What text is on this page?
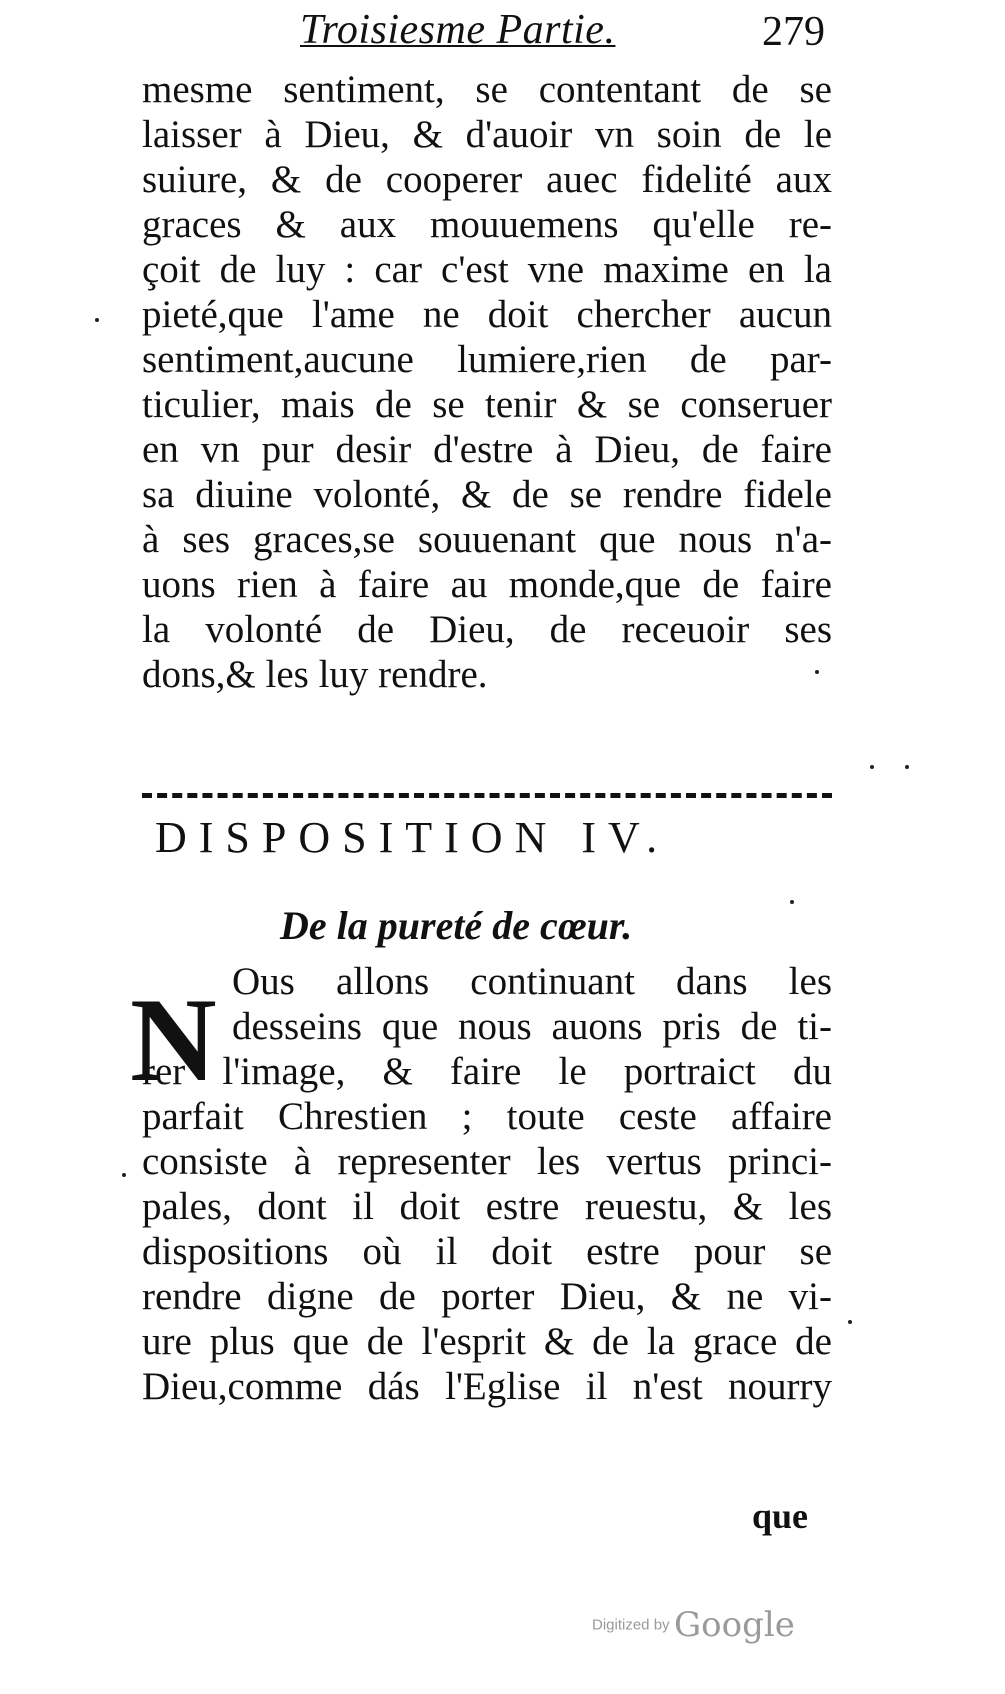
Troisiesme Partie.	279
mesme sentiment, se contentant de se
laisser à Dieu, & d'auoir vn soin de le
suiure, & de cooperer auec fidelité aux
graces & aux mouuemens qu'elle re-
çoit de luy : car c'est vne maxime en la
pieté,que l'ame ne doit chercher aucun
sentiment,aucune lumiere,rien de par-
ticulier, mais de se tenir & se conseruer
en vn pur desir d'estre à Dieu, de faire
sa diuine volonté, & de se rendre fidele
à ses graces,se souuenant que nous n'a-
uons rien à faire au monde,que de faire
la volonté de Dieu, de receuoir ses
dons,& les luy rendre.
DISPOSITION IV.
De la pureté de cœur.
N Ous allons continuant dans les
desseins que nous auons pris de ti-
rer l'image, & faire le portraict du
parfait Chrestien ; toute ceste affaire
consiste à representer les vertus princi-
pales, dont il doit estre reuestu, & les
dispositions où il doit estre pour se
rendre digne de porter Dieu, & ne vi-
ure plus que de l'esprit & de la grace de
Dieu,comme dás l'Eglise il n'est nourry
que
Digitized by Google
